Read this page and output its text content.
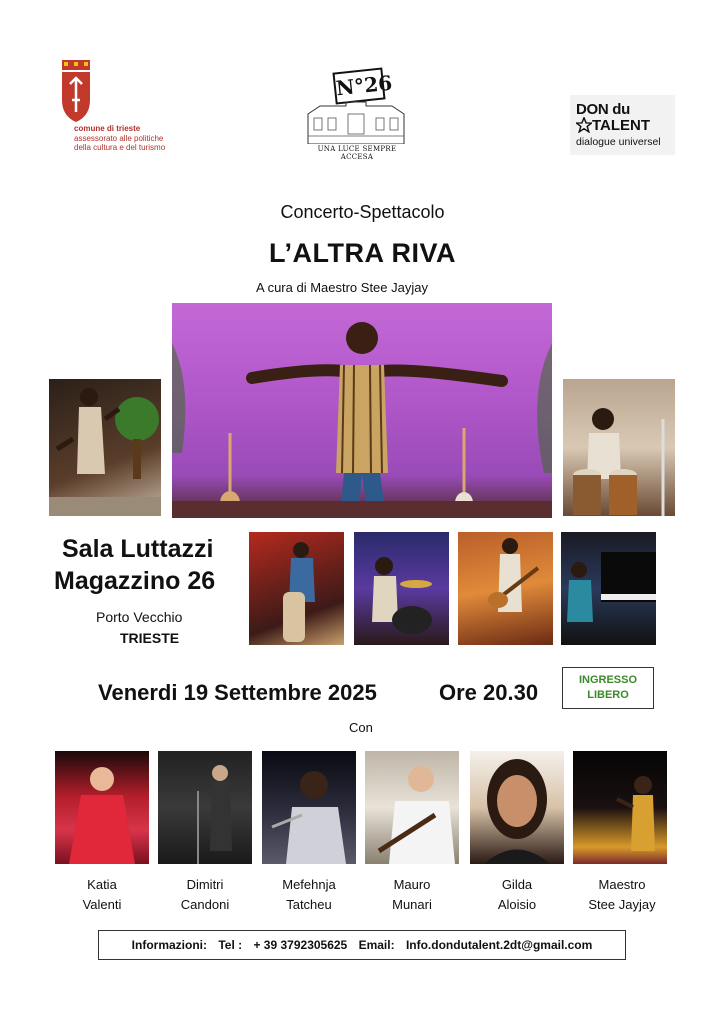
comune di trieste
assessorato alle politiche
della cultura e del turismo
N°26
UNA LUCE SEMPRE ACCESA
DON du
TALENT
dialogue universel
Concerto-Spettacolo
L’ALTRA RIVA
A cura di Maestro Stee Jayjay
Sala Luttazzi
Magazzino 26
Porto Vecchio
TRIESTE
Venerdi 19 Settembre 2025	Ore 20.30	INGRESSO
LIBERO
Con
Katia
Valenti
Dimitri
Candoni
Mefehnja
Tatcheu
Mauro
Munari
Gilda
Aloisio
Maestro
Stee Jayjay
Informazioni: Tel : + 39 3792305625 Email: Info.dondutalent.2dt@gmail.com
